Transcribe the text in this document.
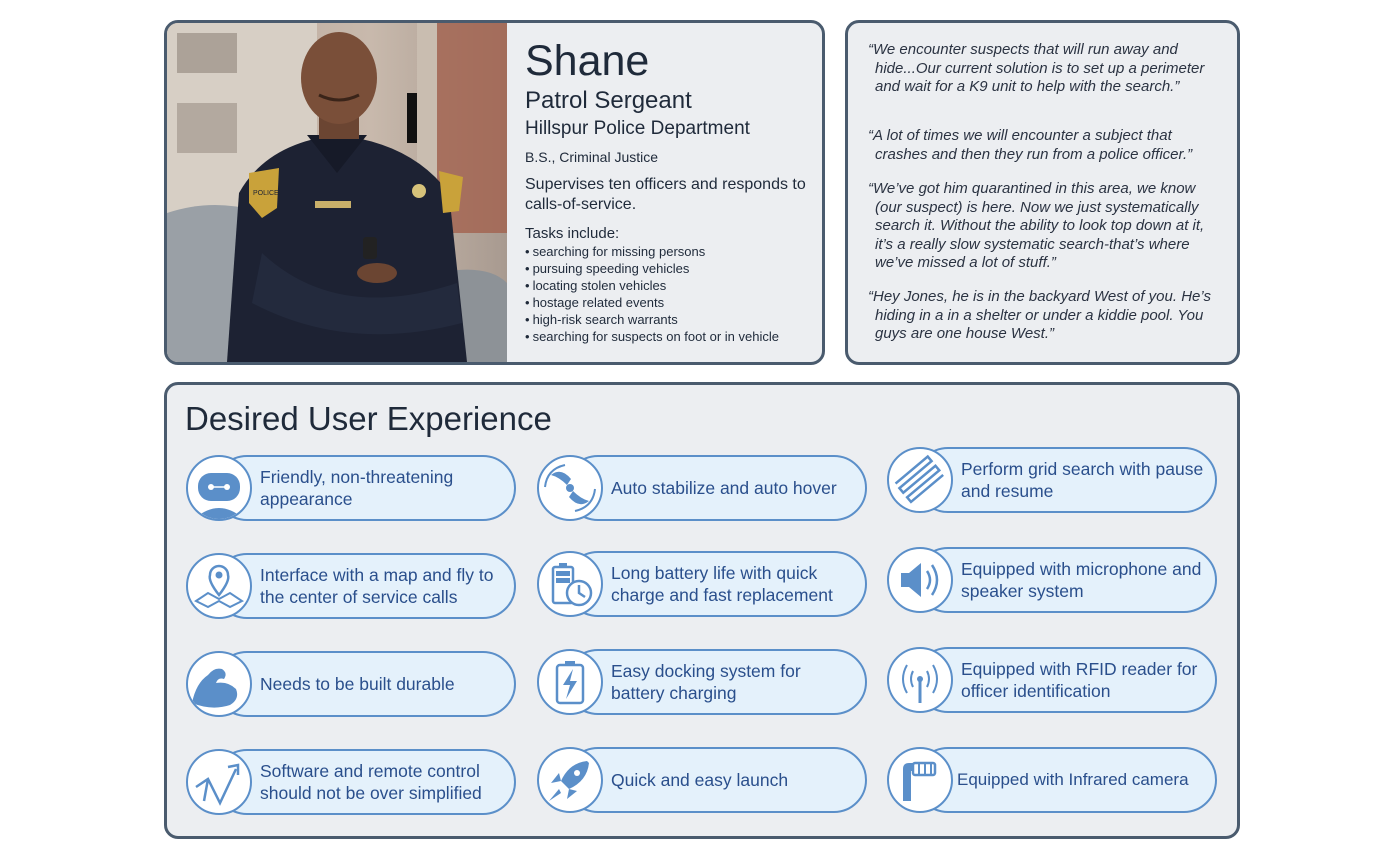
POLICE
Shane
Patrol Sergeant
Hillspur Police Department
B.S., Criminal Justice
Supervises ten officers and responds to calls-of-service.
Tasks include:
• searching for missing persons
• pursuing speeding vehicles
• locating stolen vehicles
• hostage related events
• high-risk search warrants
• searching for suspects on foot or in vehicle

“We encounter suspects that will run away and hide...Our current solution is to set up a perimeter and wait for a K9 unit to help with the search.”

“A lot of times we will encounter a subject that crashes and then they run from a police officer.”

“We’ve got him quarantined in this area, we know (our suspect) is here. Now we just systematically search it. Without the ability to look top down at it, it’s a really slow systematic search-that’s where we’ve missed a lot of stuff.”

“Hey Jones, he is in the backyard West of you. He’s hiding in a in a shelter or under a kiddie pool. You guys are one house West.”

Desired User Experience
Friendly, non-threatening appearance
Auto stabilize and auto hover
Perform grid search with pause and resume
Interface with a map and fly to the center of service calls
Long battery life with quick charge and fast replacement
Equipped with microphone and speaker system
Needs to be built durable
Easy docking system for battery charging
Equipped with RFID reader for officer identification
Software and remote control should not be over simplified
Quick and easy launch	Equipped with Infrared camera
